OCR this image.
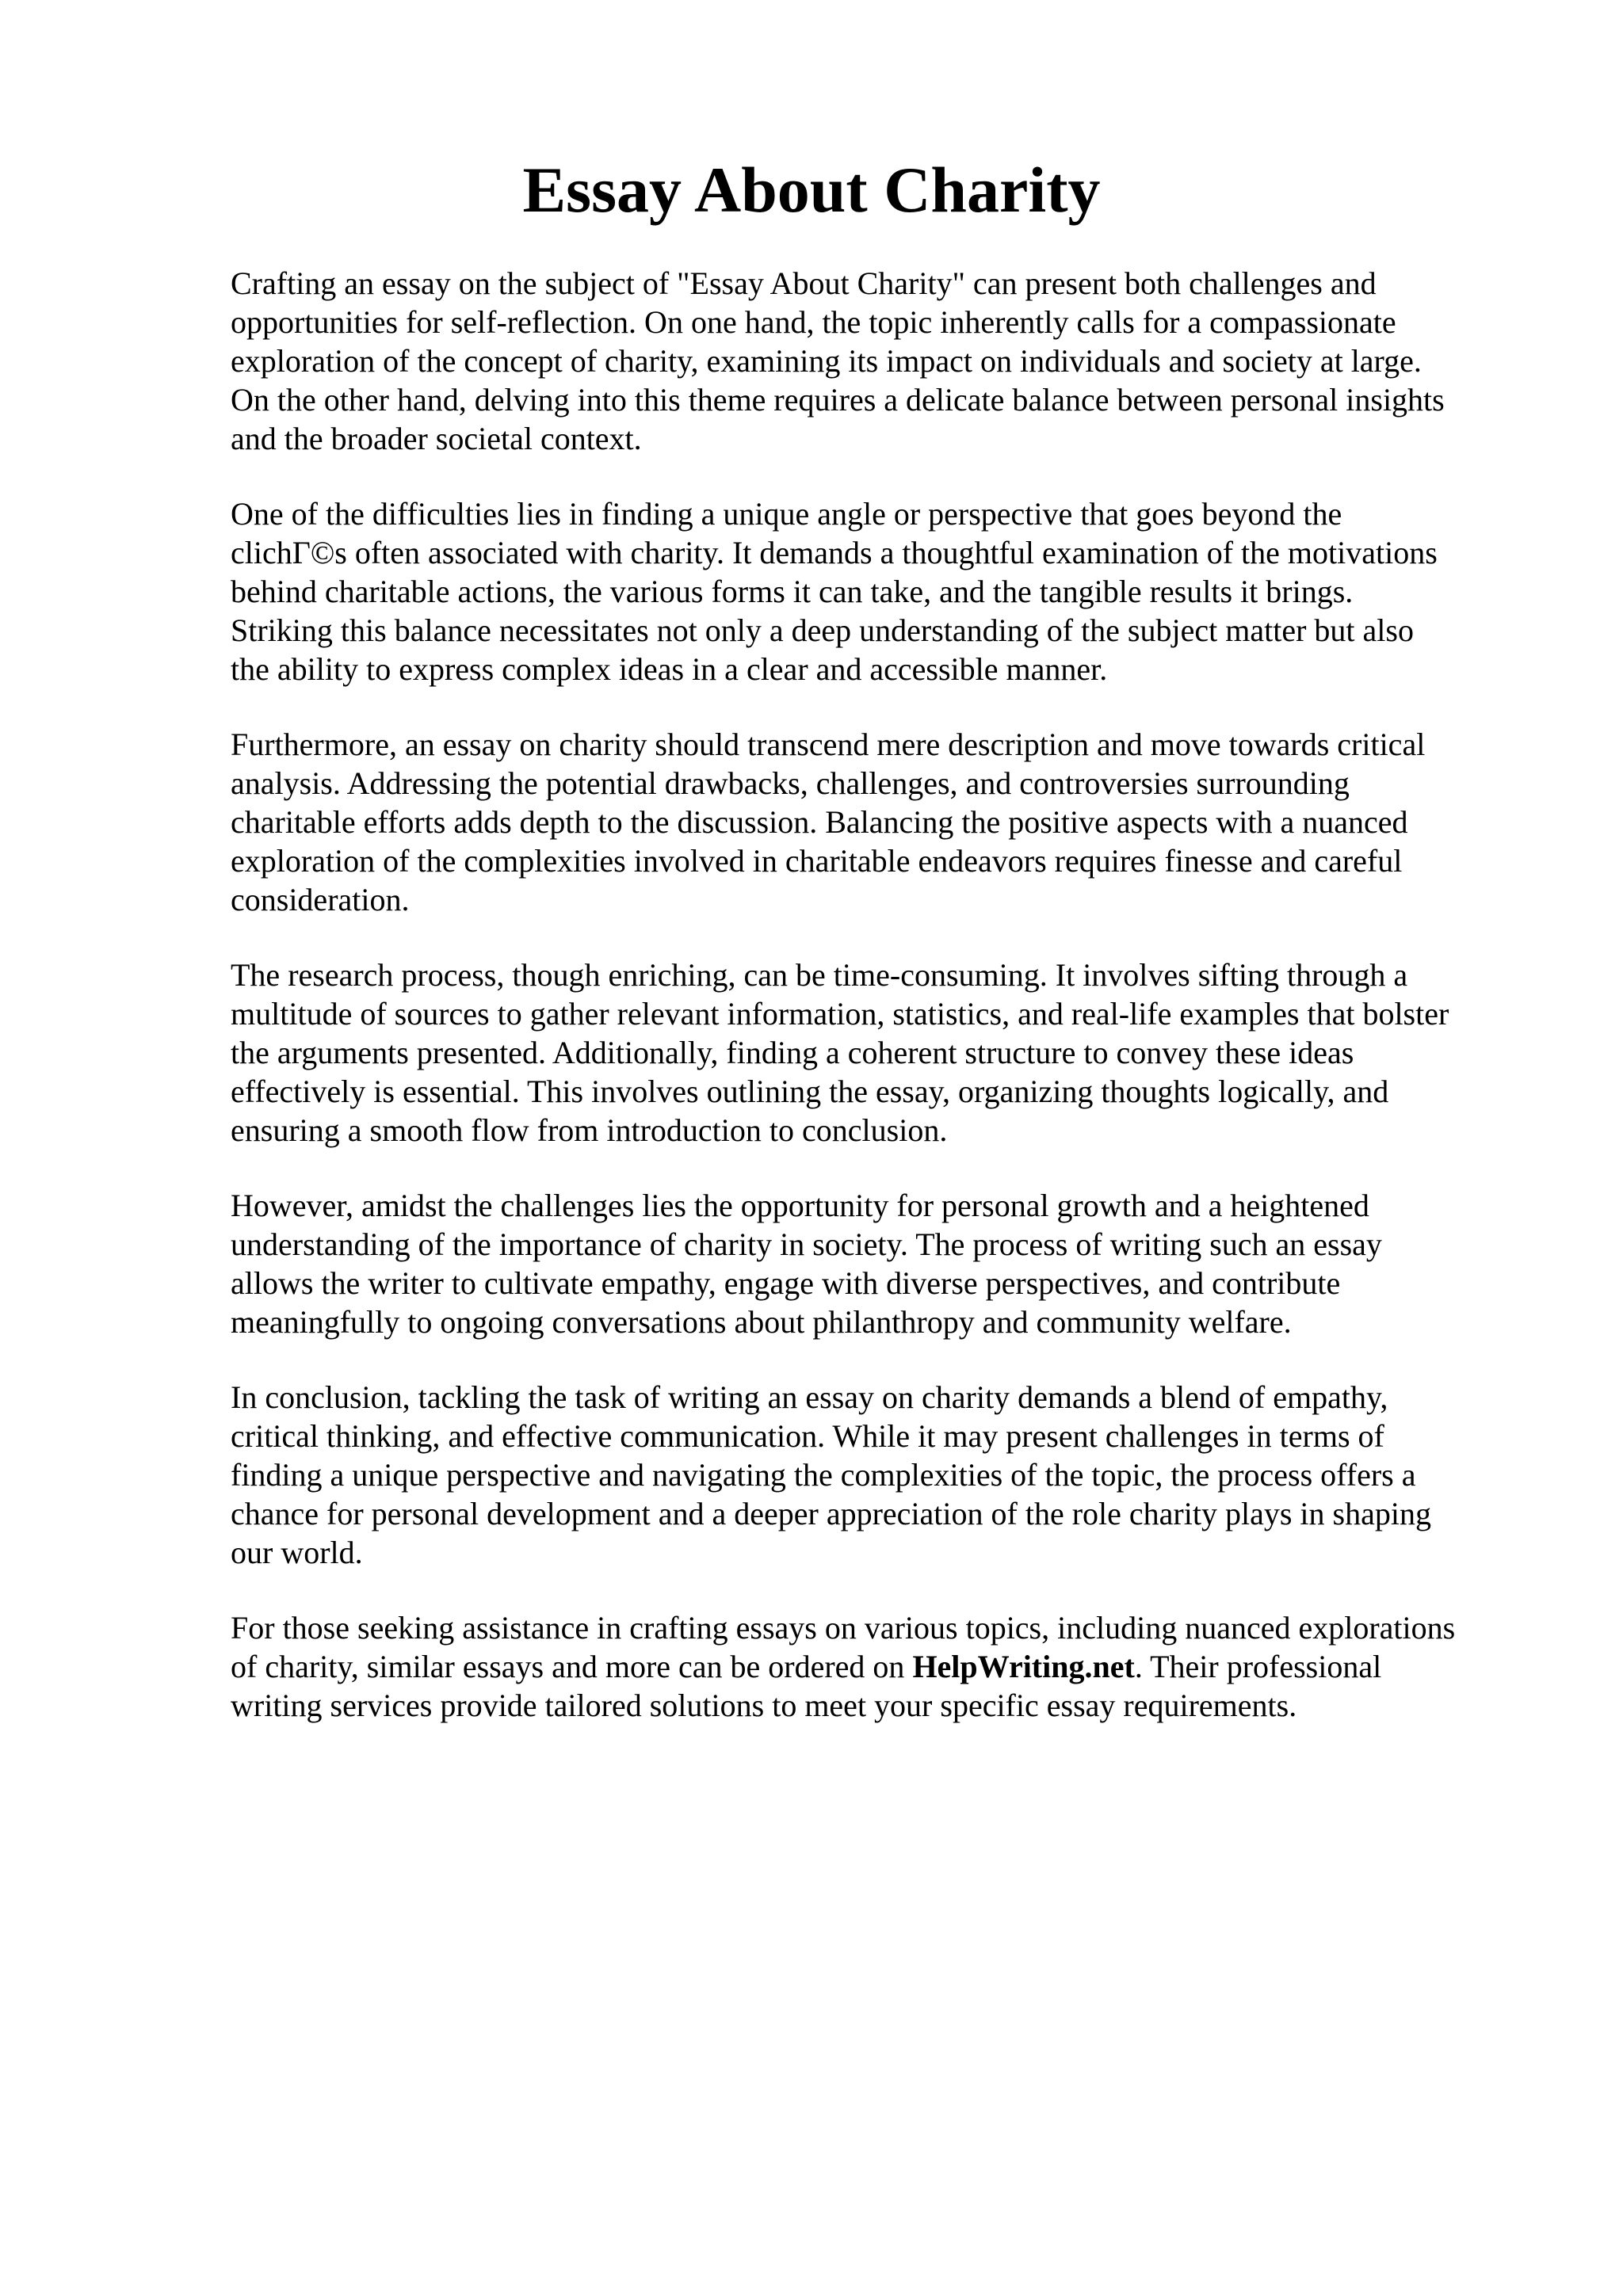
Essay About Charity

Crafting an essay on the subject of "Essay About Charity" can present both challenges and
opportunities for self-reflection. On one hand, the topic inherently calls for a compassionate
exploration of the concept of charity, examining its impact on individuals and society at large.
On the other hand, delving into this theme requires a delicate balance between personal insights
and the broader societal context.

One of the difficulties lies in finding a unique angle or perspective that goes beyond the
clichΓ©s often associated with charity. It demands a thoughtful examination of the motivations
behind charitable actions, the various forms it can take, and the tangible results it brings.
Striking this balance necessitates not only a deep understanding of the subject matter but also
the ability to express complex ideas in a clear and accessible manner.

Furthermore, an essay on charity should transcend mere description and move towards critical
analysis. Addressing the potential drawbacks, challenges, and controversies surrounding
charitable efforts adds depth to the discussion. Balancing the positive aspects with a nuanced
exploration of the complexities involved in charitable endeavors requires finesse and careful
consideration.

The research process, though enriching, can be time-consuming. It involves sifting through a
multitude of sources to gather relevant information, statistics, and real-life examples that bolster
the arguments presented. Additionally, finding a coherent structure to convey these ideas
effectively is essential. This involves outlining the essay, organizing thoughts logically, and
ensuring a smooth flow from introduction to conclusion.

However, amidst the challenges lies the opportunity for personal growth and a heightened
understanding of the importance of charity in society. The process of writing such an essay
allows the writer to cultivate empathy, engage with diverse perspectives, and contribute
meaningfully to ongoing conversations about philanthropy and community welfare.

In conclusion, tackling the task of writing an essay on charity demands a blend of empathy,
critical thinking, and effective communication. While it may present challenges in terms of
finding a unique perspective and navigating the complexities of the topic, the process offers a
chance for personal development and a deeper appreciation of the role charity plays in shaping
our world.

For those seeking assistance in crafting essays on various topics, including nuanced explorations
of charity, similar essays and more can be ordered on HelpWriting.net. Their professional
writing services provide tailored solutions to meet your specific essay requirements.
